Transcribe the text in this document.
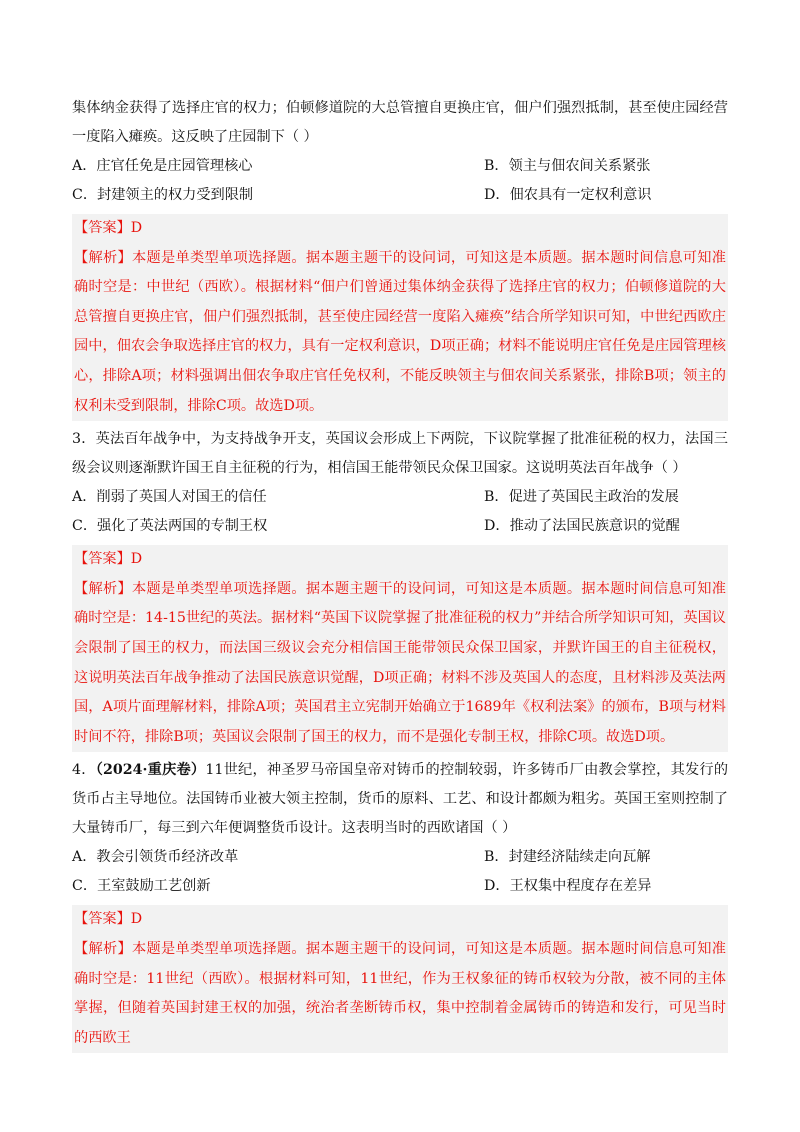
集体纳金获得了选择庄官的权力；伯顿修道院的大总管擅自更换庄官，佃户们强烈抵制，甚至使庄园经营一度陷入瘫痪。这反映了庄园制下（ ）

A．庄官任免是庄园管理核心	B．领主与佃农间关系紧张
C．封建领主的权力受到限制	D．佃农具有一定权利意识

【答案】D

【解析】本题是单类型单项选择题。据本题主题干的设问词，可知这是本质题。据本题时间信息可知准确时空是：中世纪（西欧）。根据材料“佃户们曾通过集体纳金获得了选择庄官的权力；伯顿修道院的大总管擅自更换庄官，佃户们强烈抵制，甚至使庄园经营一度陷入瘫痪”结合所学知识可知，中世纪西欧庄园中，佃农会争取选择庄官的权力，具有一定权利意识，D项正确；材料不能说明庄官任免是庄园管理核心，排除A项；材料强调出佃农争取庄官任免权利，不能反映领主与佃农间关系紧张，排除B项；领主的权利未受到限制，排除C项。故选D项。

3．英法百年战争中，为支持战争开支，英国议会形成上下两院，下议院掌握了批准征税的权力，法国三级会议则逐渐默许国王自主征税的行为，相信国王能带领民众保卫国家。这说明英法百年战争（ ）

A．削弱了英国人对国王的信任	B．促进了英国民主政治的发展
C．强化了英法两国的专制王权	D．推动了法国民族意识的觉醒

【答案】D

【解析】本题是单类型单项选择题。据本题主题干的设问词，可知这是本质题。据本题时间信息可知准确时空是：14-15世纪的英法。据材料“英国下议院掌握了批准征税的权力”并结合所学知识可知，英国议会限制了国王的权力，而法国三级议会充分相信国王能带领民众保卫国家，并默许国王的自主征税权，这说明英法百年战争推动了法国民族意识觉醒，D项正确；材料不涉及英国人的态度，且材料涉及英法两国，A项片面理解材料，排除A项；英国君主立宪制开始确立于1689年《权利法案》的颁布，B项与材料时间不符，排除B项；英国议会限制了国王的权力，而不是强化专制王权，排除C项。故选D项。

4．（2024·重庆卷）11世纪，神圣罗马帝国皇帝对铸币的控制较弱，许多铸币厂由教会掌控，其发行的货币占主导地位。法国铸币业被大领主控制，货币的原料、工艺、和设计都颇为粗劣。英国王室则控制了大量铸币厂，每三到六年便调整货币设计。这表明当时的西欧诸国（ ）

A．教会引领货币经济改革	B．封建经济陆续走向瓦解
C．王室鼓励工艺创新	D．王权集中程度存在差异

【答案】D

【解析】本题是单类型单项选择题。据本题主题干的设问词，可知这是本质题。据本题时间信息可知准确时空是：11世纪（西欧）。根据材料可知，11世纪，作为王权象征的铸币权较为分散，被不同的主体掌握，但随着英国封建王权的加强，统治者垄断铸币权，集中控制着金属铸币的铸造和发行，可见当时的西欧王
